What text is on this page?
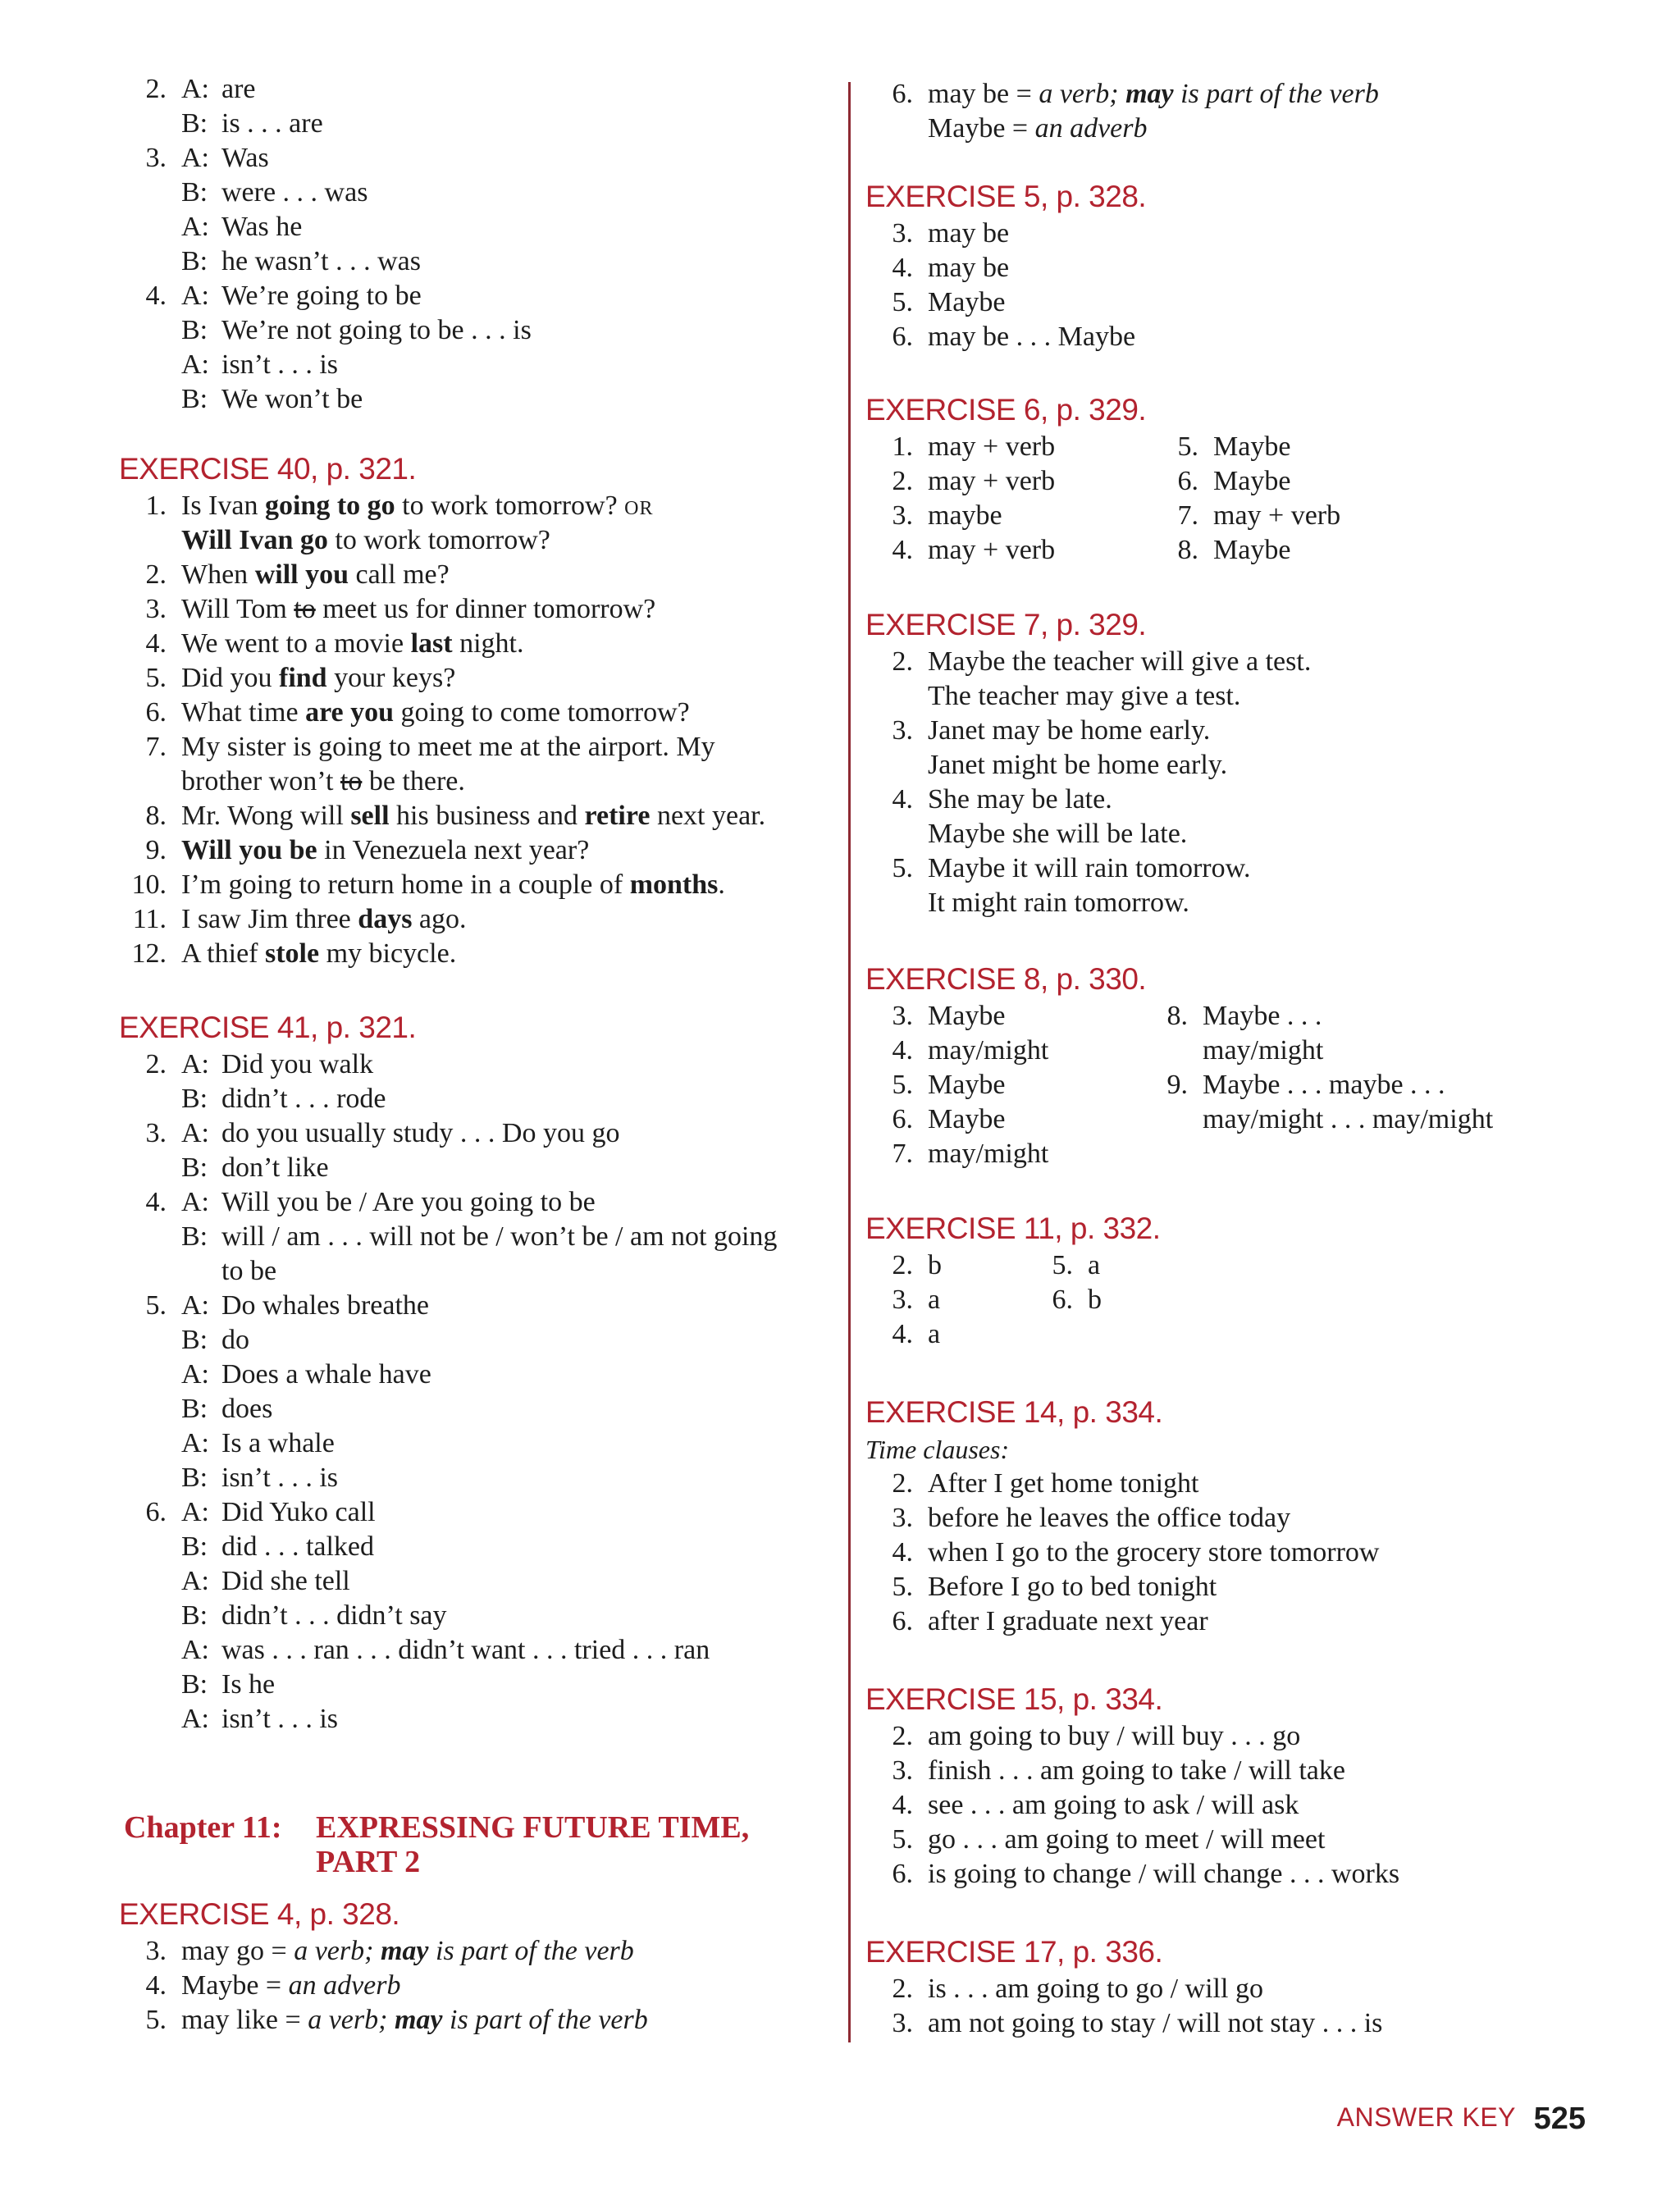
2. A: are
B: is . . . are
3. A: Was
B: were . . . was
A: Was he
B: he wasn’t . . . was
4. A: We’re going to be
B: We’re not going to be . . . is
A: isn’t . . . is
B: We won’t be
EXERCISE 40, p. 321.
1. Is Ivan going to go to work tomorrow? OR
Will Ivan go to work tomorrow?
2. When will you call me?
3. Will Tom to meet us for dinner tomorrow?
4. We went to a movie last night.
5. Did you find your keys?
6. What time are you going to come tomorrow?
7. My sister is going to meet me at the airport. My
brother won’t to be there.
8. Mr. Wong will sell his business and retire next year.
9. Will you be in Venezuela next year?
10. I’m going to return home in a couple of months.
11. I saw Jim three days ago.
12. A thief stole my bicycle.
EXERCISE 41, p. 321.
2. A: Did you walk
B: didn’t . . . rode
3. A: do you usually study . . . Do you go
B: don’t like
4. A: Will you be / Are you going to be
B: will / am . . . will not be / won’t be / am not going
to be
5. A: Do whales breathe
B: do
A: Does a whale have
B: does
A: Is a whale
B: isn’t . . . is
6. A: Did Yuko call
B: did . . . talked
A: Did she tell
B: didn’t . . . didn’t say
A: was . . . ran . . . didn’t want . . . tried . . . ran
B: Is he
A: isn’t . . . is
Chapter 11: EXPRESSING FUTURE TIME,
PART 2
EXERCISE 4, p. 328.
3. may go = a verb; may is part of the verb
4. Maybe = an adverb
5. may like = a verb; may is part of the verb
6. may be = a verb; may is part of the verb
Maybe = an adverb
EXERCISE 5, p. 328.
3. may be
4. may be
5. Maybe
6. may be . . . Maybe
EXERCISE 6, p. 329.
1. may + verb
2. may + verb
3. maybe
4. may + verb
5. Maybe
6. Maybe
7. may + verb
8. Maybe
EXERCISE 7, p. 329.
2. Maybe the teacher will give a test.
The teacher may give a test.
3. Janet may be home early.
Janet might be home early.
4. She may be late.
Maybe she will be late.
5. Maybe it will rain tomorrow.
It might rain tomorrow.
EXERCISE 8, p. 330.
3. Maybe
4. may/might
5. Maybe
6. Maybe
7. may/might
8. Maybe . . .
may/might
9. Maybe . . . maybe . . .
may/might . . . may/might
EXERCISE 11, p. 332.
2. b
3. a
4. a
5. a
6. b
EXERCISE 14, p. 334.
Time clauses:
2. After I get home tonight
3. before he leaves the office today
4. when I go to the grocery store tomorrow
5. Before I go to bed tonight
6. after I graduate next year
EXERCISE 15, p. 334.
2. am going to buy / will buy . . . go
3. finish . . . am going to take / will take
4. see . . . am going to ask / will ask
5. go . . . am going to meet / will meet
6. is going to change / will change . . . works
EXERCISE 17, p. 336.
2. is . . . am going to go / will go
3. am not going to stay / will not stay . . . is
ANSWER KEY 525
